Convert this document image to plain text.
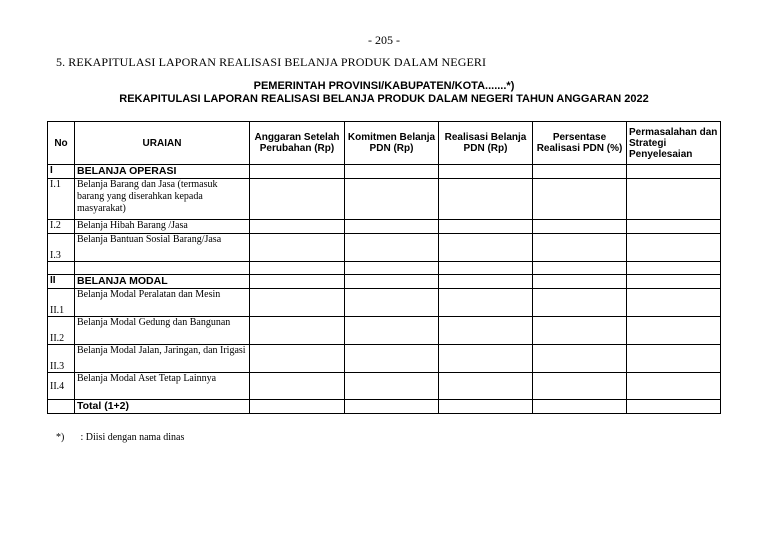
- 205 -
5. REKAPITULASI LAPORAN REALISASI BELANJA PRODUK DALAM NEGERI
PEMERINTAH PROVINSI/KABUPATEN/KOTA.......*)
REKAPITULASI LAPORAN REALISASI BELANJA PRODUK DALAM NEGERI TAHUN ANGGARAN 2022
No	URAIAN	Anggaran Setelah Perubahan (Rp)	Komitmen Belanja PDN (Rp)	Realisasi Belanja PDN (Rp)	Persentase Realisasi PDN (%)	Permasalahan dan Strategi Penyelesaian
I	BELANJA OPERASI					
I.1	Belanja Barang dan Jasa (termasuk barang yang diserahkan kepada masyarakat)					
I.2	Belanja Hibah Barang /Jasa					
I.3	Belanja Bantuan Sosial Barang/Jasa					

II	BELANJA MODAL					
II.1	Belanja Modal Peralatan dan Mesin					
II.2	Belanja Modal Gedung dan Bangunan					
II.3	Belanja Modal Jalan, Jaringan, dan Irigasi					
II.4	Belanja Modal Aset Tetap Lainnya					
	Total (1+2)					
*) : Diisi dengan nama dinas
